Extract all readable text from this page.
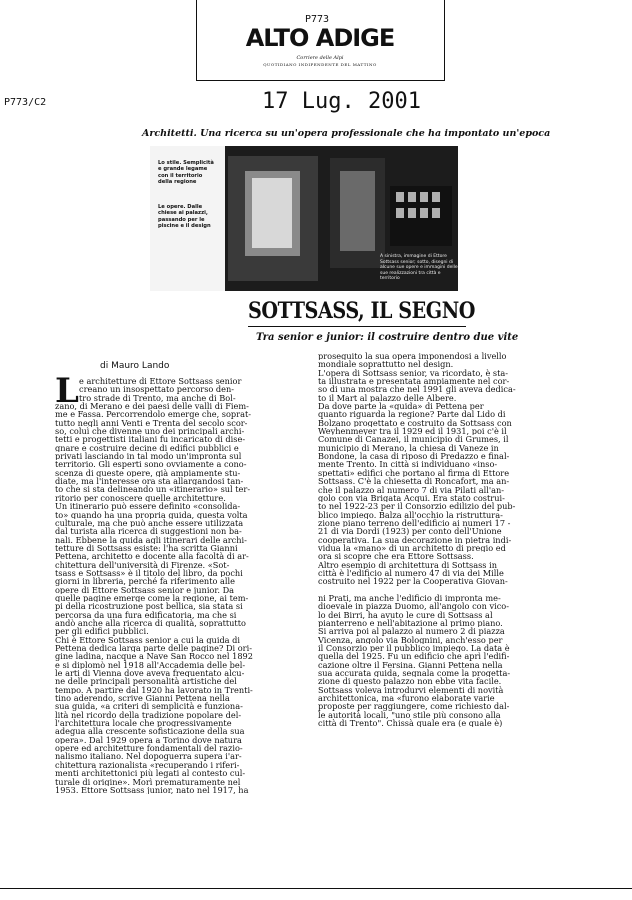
P773
ALTO ADIGE
Corriere delle Alpi
QUOTIDIANO INDIPENDENTE DEL MATTINO
P773/C2	17 Lug. 2001
Architetti. Una ricerca su un'opera professionale che ha impontato un'epoca
Lo stile. Semplicità e grande legame con il territorio della regione
Le opere. Dalle chiese ai palazzi, passando per le piscine e il design
A sinistra, immagine di Ettore Sottsass senior; sotto, disegni di alcune sue opere e immagini delle sue realizzazioni tra città e territorio
SOTTSASS, IL SEGNO
Tra senior e junior: il costruire dentro due vite
di Mauro Lando
L e architetture di Ettore Sottsass senior
creano un insospettato percorso den-
tro strade di Trento, ma anche di Bol-
zano, di Merano e dei paesi delle valli di Fiem-
me e Fassa. Percorrendolo emerge che, soprat-
tutto negli anni Venti e Trenta del secolo scor-
so, coluì che divenne uno dei principali archi-
tetti e progettisti italiani fu incaricato di dise-
gnare e costruire decine di edifici pubblici e
privati lasciando in tal modo un'impronta sul
territorio. Gli esperti sono ovviamente a cono-
scenza di queste opere, già ampiamente stu-
diate, ma l'interesse ora sta allargandosi tan-
to che si sta delineando un «itinerario» sul ter-
ritorio per conoscere quelle architetture.
Un itinerario può essere definito «consolida-
to» quando ha una propria guida, questa volta
culturale, ma che può anche essere utilizzata
dal turista alla ricerca di suggestioni non ba-
nali. Ebbene la guida agli itinerari delle archi-
tetture di Sottsass esiste: l'ha scritta Gianni
Pettena, architetto e docente alla facoltà di ar-
chitettura dell'università di Firenze. «Sot-
tsass e Sottsass» è il titolo del libro, da pochi
giorni in libreria, perché fa riferimento alle
opere di Ettore Sottsass senior e junior. Da
quelle pagine emerge come la regione, ai tem-
pi della ricostruzione post bellica, sia stata si
percorsa da una fura edificatoria, ma che si
andò anche alla ricerca di qualità, soprattutto
per gli edifici pubblici.
Chi è Ettore Sottsass senior a cui la guida di
Pettena dedica larga parte delle pagine? Di ori-
gine ladina, nacque a Nave San Rocco nel 1892
e si diplomò nel 1918 all'Accademia delle bel-
le arti di Vienna dove aveva frequentato alcu-
ne delle principali personalità artistiche del
tempo. A partire dal 1920 ha lavorato in Trenti-
tino aderendo, scrive Gianni Pettena nella
sua guida, «a criteri di semplicità e funziona-
lità nel ricordo della tradizione popolare del-
l'architettura locale che progressivamente
adegua alla crescente sofisticazione della sua
opera». Dal 1929 opera a Torino dove natura
opere ed architetture fondamentali del razio-
nalismo italiano. Nel dopoguerra supera i'ar-
chitettura razionalista «recuperando i riferi-
menti architettonici più legati al contesto cul-
turale di origine». Morì prematuramente nel
1953. Ettore Sottsass junior, nato nel 1917, ha
proseguito la sua opera imponendosi a livello
mondiale soprattutto nel design.
L'opera di Sottsass senior, va ricordato, è sta-
ta illustrata e presentata ampiamente nel cor-
so di una mostra che nel 1991 gli aveva dedica-
to il Mart al palazzo delle Albere.
Da dove parte la «guida» di Pettena per
quanto riguarda la regione? Parte dal Lido di
Bolzano progettato e costruito da Sottsass con
Weyhenmeyer tra il 1929 ed il 1931, poi c'è il
Comune di Canazei, il municipio di Grumes, il
municipio di Merano, la chiesa di Vaneze in
Bondone, la casa di riposo di Predazzo e final-
mente Trento. In città si individuano «inso-
spettati» edifici che portano al firma di Ettore
Sottsass. C'è la chiesetta di Roncafort, ma an-
che il palazzo al numero 7 di via Pilati all'an-
golo con via Brigata Acqui. Era stato costrui-
to nel 1922-23 per il Consorzio edilizio del pub-
blico impiego. Balza all'occhio la ristruttura-
zione piano terreno dell'edificio ai numeri 17 -
21 di via Dordi (1923) per conto dell'Unione
cooperativa. La sua decorazione in pietra indi-
vidua la «mano» di un architetto di pregio ed
ora si scopre che era Ettore Sottsass.
Altro esempio di architettura di Sottsass in
città è l'edificio al numero 47 di via dei Mille
costruito nel 1922 per la Cooperativa Giovan-

ni Prati, ma anche l'edificio di impronta me-
dioevale in piazza Duomo, all'angolo con vico-
lo dei Birri, ha avuto le cure di Sottsass al
pianterreno e nell'abitazione al primo piano.
Si arriva poi al palazzo al numero 2 di piazza
Vicenza, angolo via Bolognini, anch'esso per
il Consorzio per il pubblico impiego. La data è
quella del 1925. Fu un edificio che aprì l'edifi-
cazione oltre il Fersina. Gianni Pettena nella
sua accurata guida, segnala come la progetta-
zione di questo palazzo non ebbe vita facile.
Sottsass voleva introdurvi elementi di novità
architettonica, ma «furono elaborate varie
proposte per raggiungere, come richiesto dal-
le autorità locali, "uno stile più consono alla
città di Trento". Chissà quale era (e quale è)
